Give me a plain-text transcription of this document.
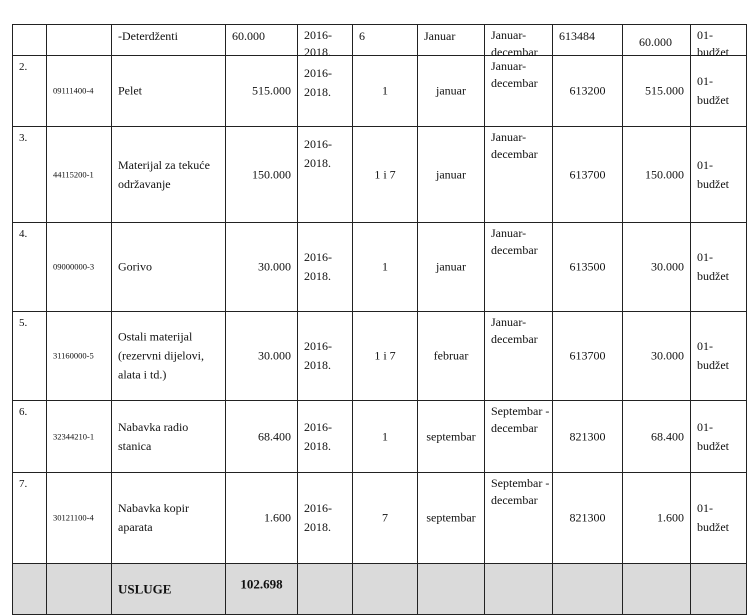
		-Deterdženti	60.000	2016-2018.	6	Januar	Januar-decembar	613484	60.000	01-budžet

2.	09111400-4	Pelet	515.000	2016-2018.	1	januar	Januar-decembar	613200	515.000	01-budžet

3.	44115200-1	Materijal za tekuće održavanje	150.000	2016-2018.	1 i 7	januar	Januar-decembar	613700	150.000	01-budžet

4.	09000000-3	Gorivo	30.000	2016-2018.	1	januar	Januar-decembar	613500	30.000	01-budžet

5.	31160000-5	Ostali materijal (rezervni dijelovi, alata i td.)	30.000	2016-2018.	1 i 7	februar	Januar-decembar	613700	30.000	01-budžet

6.	32344210-1	Nabavka radio stanica	68.400	2016-2018.	1	septembar	Septembar -decembar	821300	68.400	01-budžet

7.	30121100-4	Nabavka kopir aparata	1.600	2016-2018.	7	septembar	Septembar -decembar	821300	1.600	01-budžet

		USLUGE	102.698							
